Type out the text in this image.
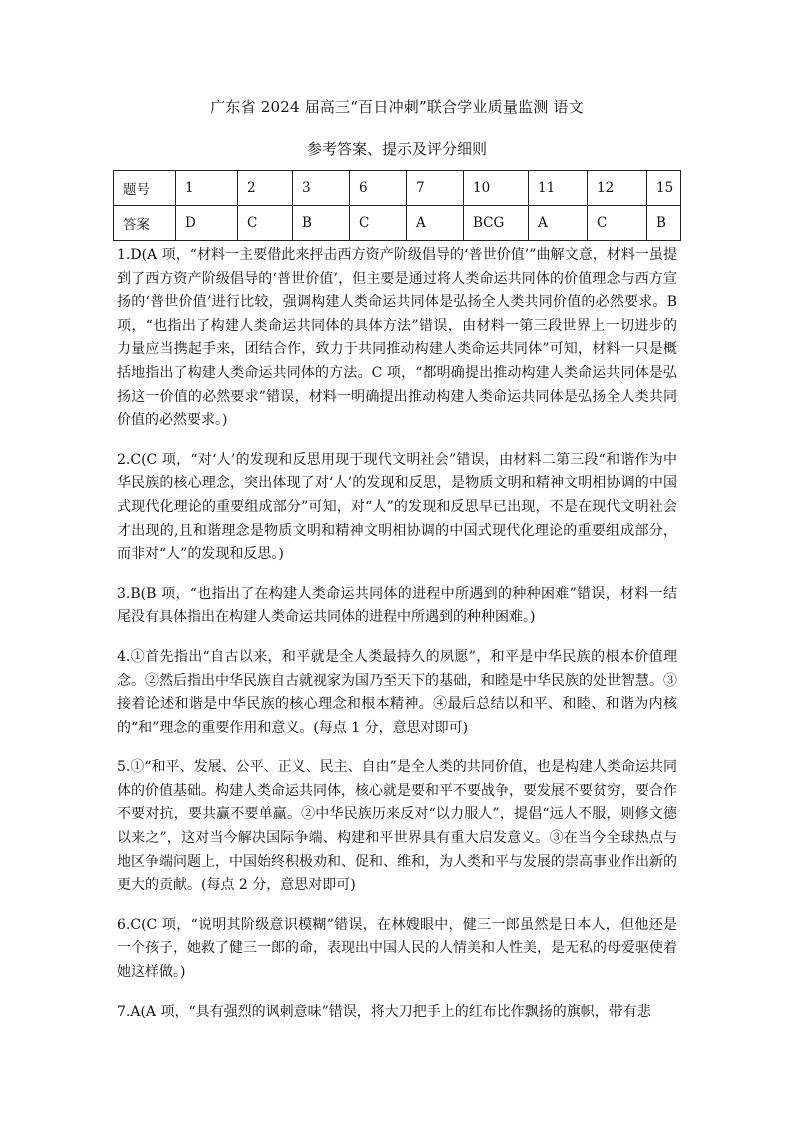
广东省 2024 届高三“百日冲刺”联合学业质量监测 语文
参考答案、提示及评分细则
题号	1	2	3	6	7	10	11	12	15
答案	D	C	B	C	A	BCG	A	C	B

1.D(A 项，“材料一主要借此来抨击西方资产阶级倡导的‘普世价值’”曲解文意，材料一虽提到了西方资产阶级倡导的‘普世价值’，但主要是通过将人类命运共同体的价值理念与西方宣扬的‘普世价值’进行比较，强调构建人类命运共同体是弘扬全人类共同价值的必然要求。B 项，“也指出了构建人类命运共同体的具体方法”错误，由材料一第三段世界上一切进步的力量应当携起手来，团结合作，致力于共同推动构建人类命运共同体”可知，材料一只是概括地指出了构建人类命运共同体的方法。C 项，“都明确提出推动构建人类命运共同体是弘扬这一价值的必然要求”错误，材料一明确提出推动构建人类命运共同体是弘扬全人类共同价值的必然要求。)

2.C(C 项，“对‘人’的发现和反思用现于现代文明社会”错误，由材料二第三段“和谐作为中华民族的核心理念，突出体现了对‘人’的发现和反思，是物质文明和精神文明相协调的中国式现代化理论的重要组成部分”可知，对“人”的发现和反思早已出现，不是在现代文明社会才出现的,且和谐理念是物质文明和精神文明相协调的中国式现代化理论的重要组成部分，而非对“人”的发现和反思。)

3.B(B 项，“也指出了在构建人类命运共同体的进程中所遇到的种种困难”错误，材料一结尾没有具体指出在构建人类命运共同体的进程中所遇到的种种困难。)

4.①首先指出“自古以来，和平就是全人类最持久的夙愿”，和平是中华民族的根本价值理念。②然后指出中华民族自古就视家为国乃至天下的基础，和睦是中华民族的处世智慧。③接着论述和谐是中华民族的核心理念和根本精神。④最后总结以和平、和睦、和谐为内核的“和”理念的重要作用和意义。(每点 1 分，意思对即可)

5.①“和平、发展、公平、正义、民主、自由”是全人类的共同价值，也是构建人类命运共同体的价值基础。构建人类命运共同体，核心就是要和平不要战争，要发展不要贫穷，要合作不要对抗，要共赢不要单赢。②中华民族历来反对“以力服人”，提倡“远人不服，则修文德以来之”，这对当今解决国际争端、构建和平世界具有重大启发意义。③在当今全球热点与地区争端问题上，中国始终积极劝和、促和、维和，为人类和平与发展的崇高事业作出新的更大的贡献。(每点 2 分，意思对即可)

6.C(C 项，“说明其阶级意识模糊”错误，在林嫂眼中，健三一郎虽然是日本人，但他还是一个孩子，她救了健三一郎的命，表现出中国人民的人情美和人性美，是无私的母爱驱使着她这样做。)

7.A(A 项，“具有强烈的讽刺意味”错误，将大刀把手上的红布比作飘扬的旗帜，带有悲
